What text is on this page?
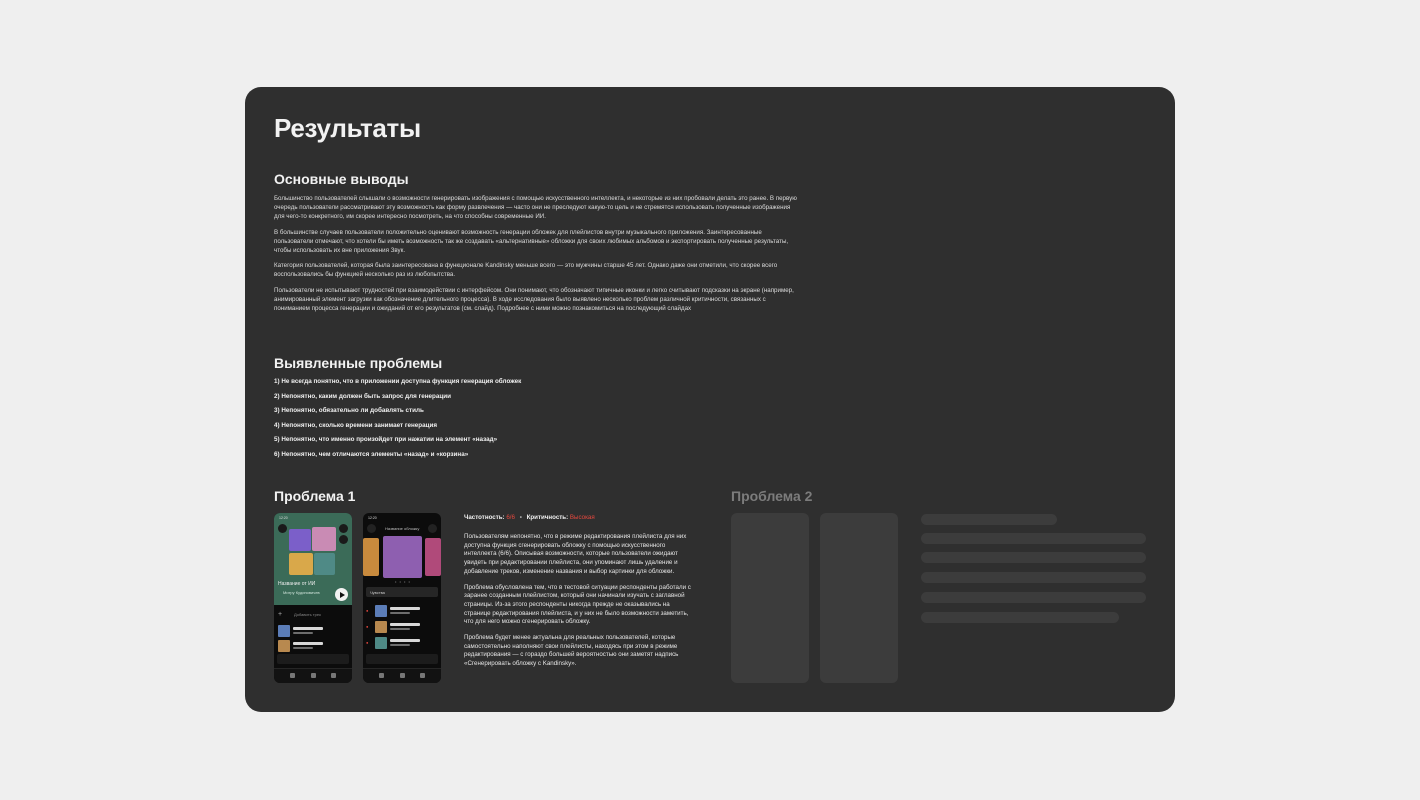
Результаты
Основные выводы

Большинство пользователей слышали о возможности генерировать изображения с помощью искусственного интеллекта, и некоторые из них пробовали делать это ранее. В первую очередь пользователи рассматривают эту возможность как форму развлечения — часто они не преследуют какую-то цель и не стремятся использовать полученные изображения для чего-то конкретного, им скорее интересно посмотреть, на что способны современные ИИ.

В большинстве случаев пользователи положительно оценивают возможность генерации обложек для плейлистов внутри музыкального приложения. Заинтересованные пользователи отмечают, что хотели бы иметь возможность так же создавать «альтернативные» обложки для своих любимых альбомов и экспортировать полученные результаты, чтобы использовать их вне приложения Звук.

Категория пользователей, которая была заинтересована в функционале Kandinsky меньше всего — это мужчины старше 45 лет. Однако даже они отметили, что скорее всего воспользовались бы функцией несколько раз из любопытства.

Пользователи не испытывают трудностей при взаимодействии с интерфейсом. Они понимают, что обозначают типичные иконки и легко считывают подсказки на экране (например, анимированный элемент загрузки как обозначение длительного процесса). В ходе исследования было выявлено несколько проблем различной критичности, связанных с пониманием процесса генерации и ожиданий от его результатов (см. слайд). Подробнее с ними можно познакомиться на последующий слайдах

Выявленные проблемы
1) Не всегда понятно, что в приложении доступна функция генерация обложек
2) Непонятно, каким должен быть запрос для генерации
3) Непонятно, обязательно ли добавлять стиль
4) Непонятно, сколько времени занимает генерация
5) Непонятно, что именно произойдет при нажатии на элемент «назад»
6) Непонятно, чем отличаются элементы «назад» и «корзина»
Проблема 1
12:20
Название от ИИ
Митру Кудиновичев
+	Добавить трек
12:20
Название обложку
• • • •
Чувства
●
●
●
Частотность: 6/6 • Критичность: Высокая

Пользователям непонятно, что в режиме редактирования плейлиста для них доступна функция сгенерировать обложку с помощью искусственного интеллекта (6/6). Описывая возможности, которые пользователи ожидают увидеть при редактировании плейлиста, они упоминают лишь удаление и добавление треков, изменение названия и выбор картинки для обложки.

Проблема обусловлена тем, что в тестовой ситуации респонденты работали с заранее созданным плейлистом, который они начинали изучать с заглавной страницы. Из-за этого респонденты никогда прежде не оказывались на странице редактирования плейлиста, и у них не было возможности заметить, что для него можно сгенерировать обложку.

Проблема будет менее актуальна для реальных пользователей, которые самостоятельно наполняют свои плейлисты, находясь при этом в режиме редактирования — с гораздо большей вероятностью они заметят надпись «Сгенерировать обложку с Kandinsky».

Проблема 2
